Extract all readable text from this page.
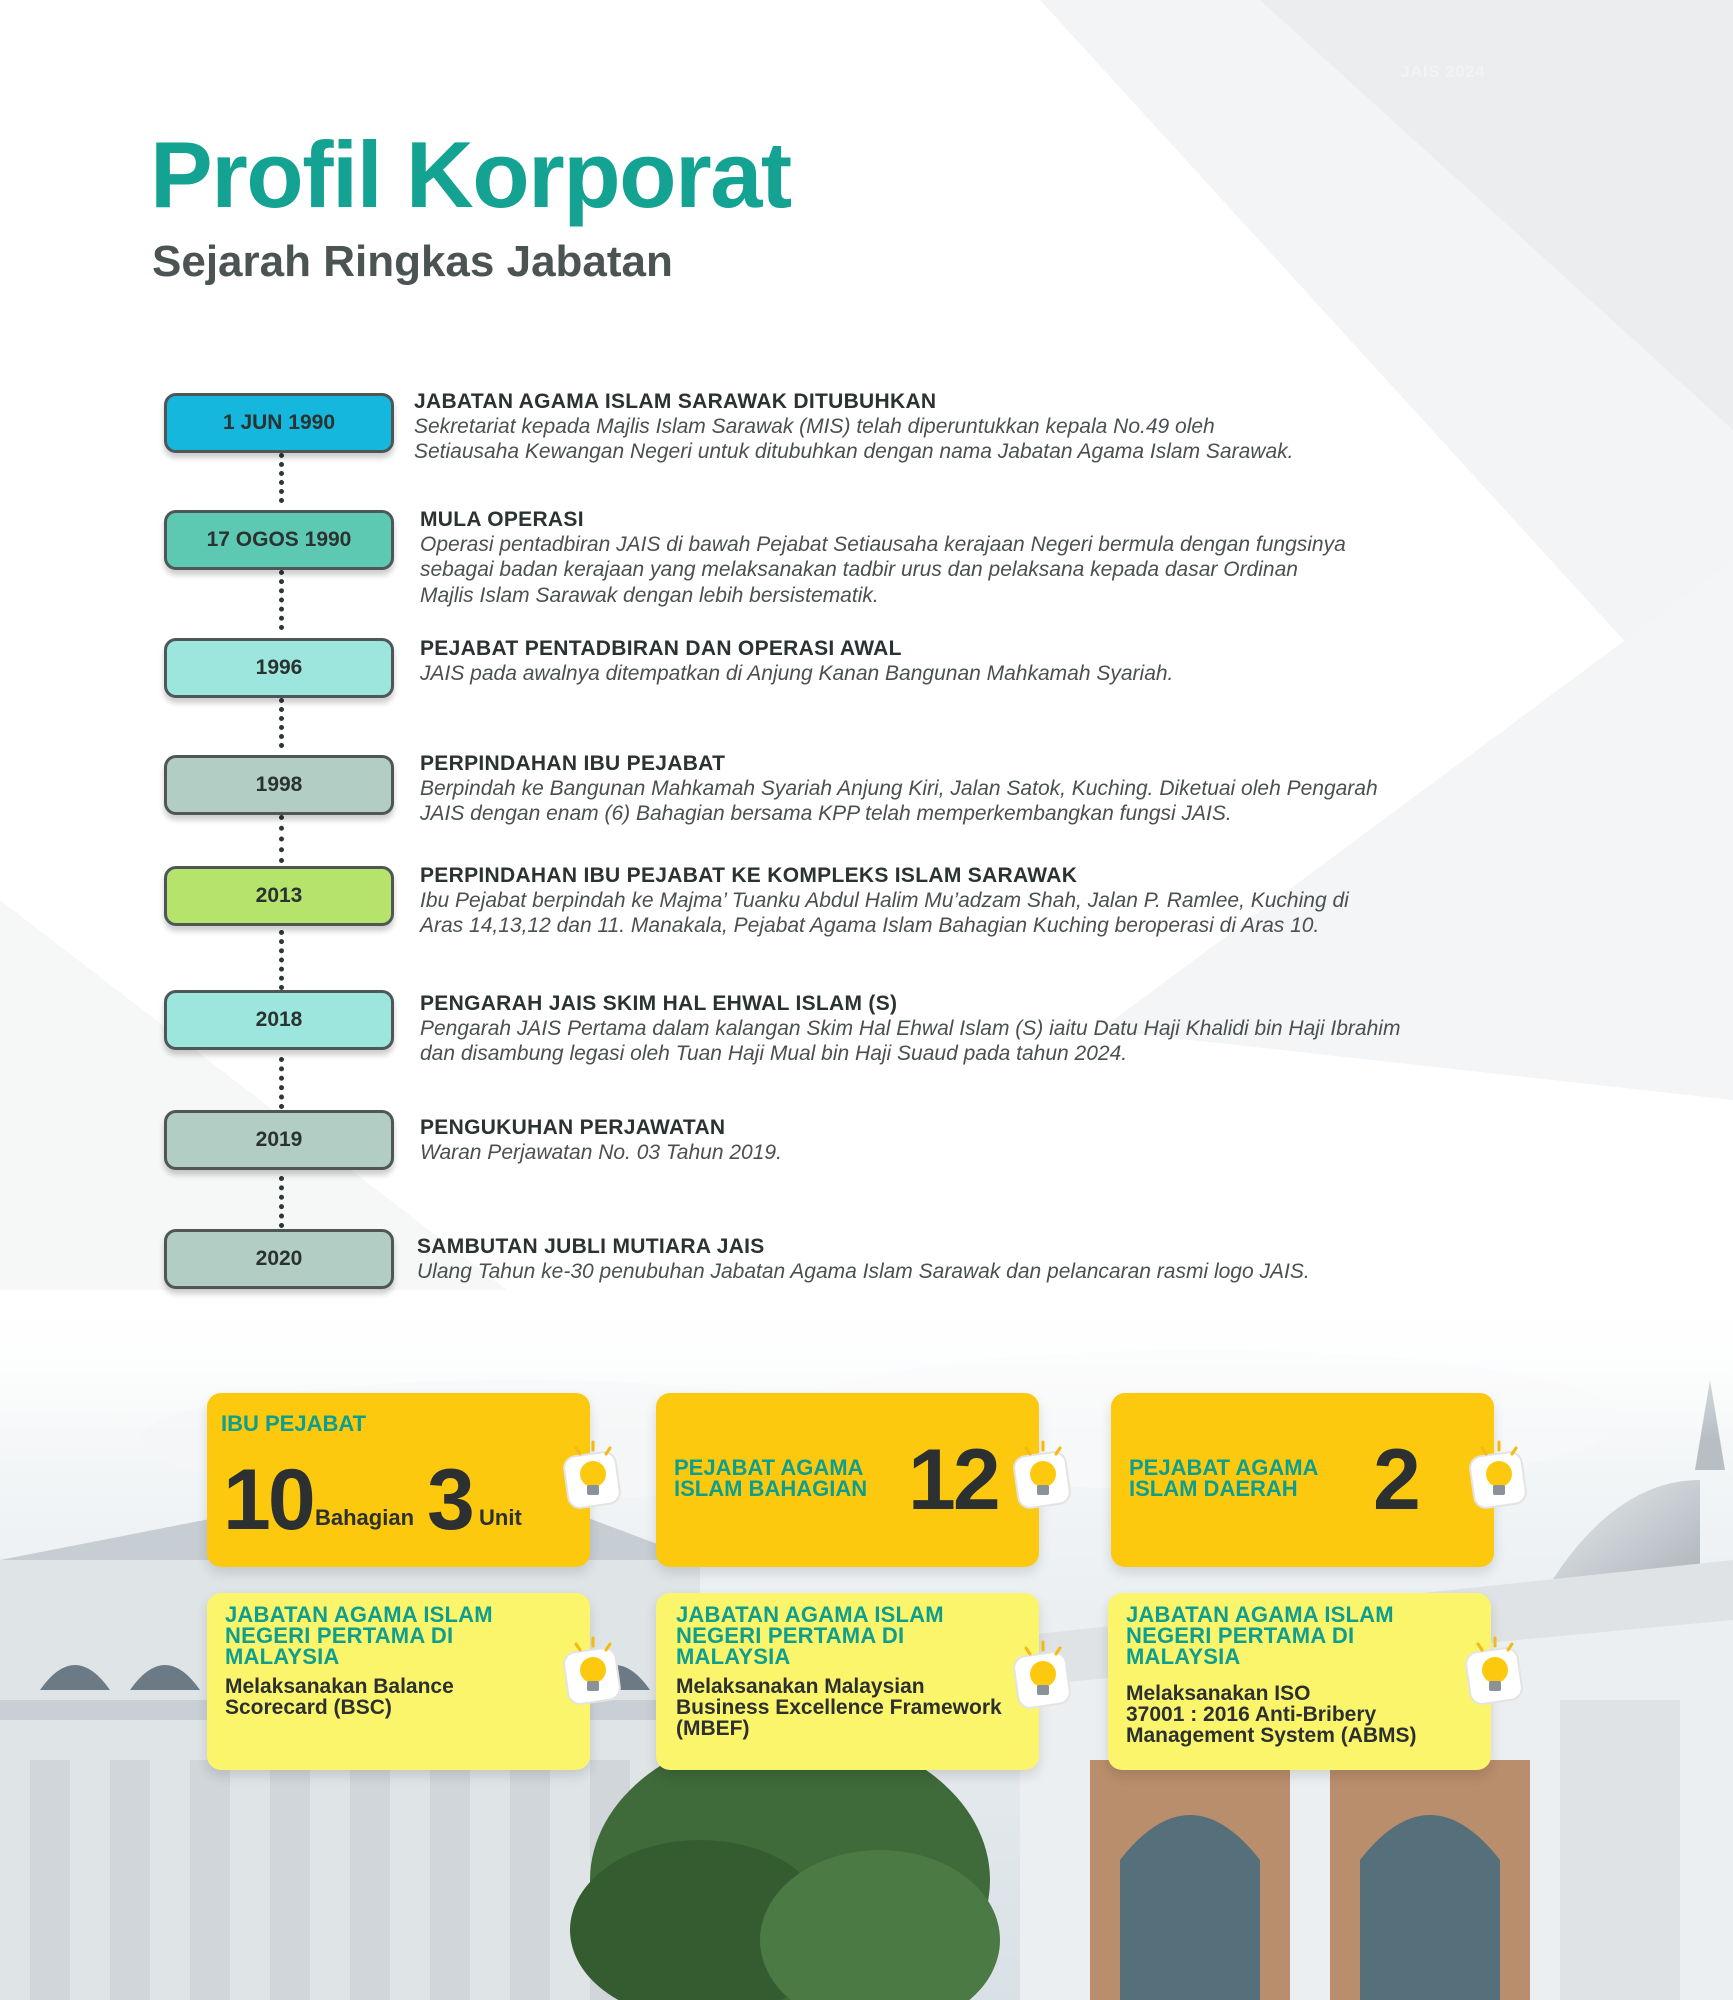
JAIS 2024
Profil Korporat
Sejarah Ringkas Jabatan
1 JUN 1990
JABATAN AGAMA ISLAM SARAWAK DITUBUHKAN
Sekretariat kepada Majlis Islam Sarawak (MIS) telah diperuntukkan kepala No.49 oleh
Setiausaha Kewangan Negeri untuk ditubuhkan dengan nama Jabatan Agama Islam Sarawak.
17 OGOS 1990
MULA OPERASI
Operasi pentadbiran JAIS di bawah Pejabat Setiausaha kerajaan Negeri bermula dengan fungsinya
sebagai badan kerajaan yang melaksanakan tadbir urus dan pelaksana kepada dasar Ordinan
Majlis Islam Sarawak dengan lebih bersistematik.
1996
PEJABAT PENTADBIRAN DAN OPERASI AWAL
JAIS pada awalnya ditempatkan di Anjung Kanan Bangunan Mahkamah Syariah.
1998
PERPINDAHAN IBU PEJABAT
Berpindah ke Bangunan Mahkamah Syariah Anjung Kiri, Jalan Satok, Kuching. Diketuai oleh Pengarah
JAIS dengan enam (6) Bahagian bersama KPP telah memperkembangkan fungsi JAIS.
2013
PERPINDAHAN IBU PEJABAT KE KOMPLEKS ISLAM SARAWAK
Ibu Pejabat berpindah ke Majma’ Tuanku Abdul Halim Mu’adzam Shah, Jalan P. Ramlee, Kuching di
Aras 14,13,12 dan 11. Manakala, Pejabat Agama Islam Bahagian Kuching beroperasi di Aras 10.
2018
PENGARAH JAIS SKIM HAL EHWAL ISLAM (S)
Pengarah JAIS Pertama dalam kalangan Skim Hal Ehwal Islam (S) iaitu Datu Haji Khalidi bin Haji Ibrahim
dan disambung legasi oleh Tuan Haji Mual bin Haji Suaud pada tahun 2024.
2019
PENGUKUHAN PERJAWATAN
Waran Perjawatan No. 03 Tahun 2019.
2020
SAMBUTAN JUBLI MUTIARA JAIS
Ulang Tahun ke-30 penubuhan Jabatan Agama Islam Sarawak dan pelancaran rasmi logo JAIS.

IBU PEJABAT

10 Bahagian 3 Unit

PEJABAT AGAMA

ISLAM BAHAGIAN 12	PEJABAT AGAMA

ISLAM DAERAH 2

JABATAN AGAMA ISLAM

NEGERI PERTAMA DI

MALAYSIA

Melaksanakan Balance

Scorecard (BSC)

JABATAN AGAMA ISLAM

NEGERI PERTAMA DI

MALAYSIA

Melaksanakan Malaysian

Business Excellence Framework

(MBEF)

JABATAN AGAMA ISLAM

NEGERI PERTAMA DI

MALAYSIA

Melaksanakan ISO

37001 : 2016 Anti-Bribery

Management System (ABMS)
